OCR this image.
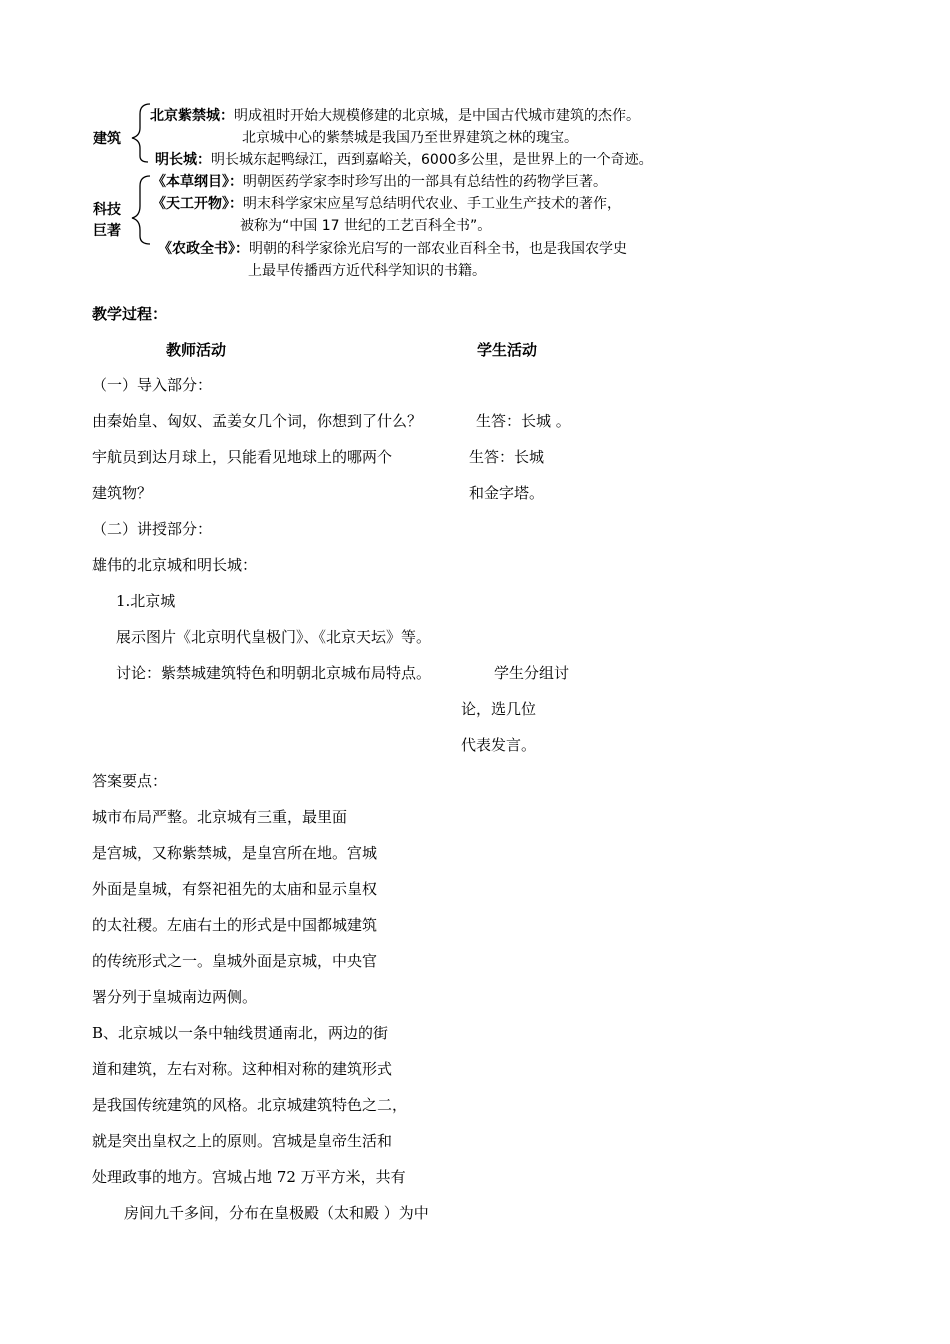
建筑
北京紫禁城：明成祖时开始大规模修建的北京城，是中国古代城市建筑的杰作。
北京城中心的紫禁城是我国乃至世界建筑之林的瑰宝。
明长城：明长城东起鸭绿江，西到嘉峪关，6000多公里，是世界上的一个奇迹。
科技
巨著
《本草纲目》：明朝医药学家李时珍写出的一部具有总结性的药物学巨著。
《天工开物》：明末科学家宋应星写总结明代农业、手工业生产技术的著作，
被称为“中国 17 世纪的工艺百科全书”。
《农政全书》：明朝的科学家徐光启写的一部农业百科全书，也是我国农学史
上最早传播西方近代科学知识的书籍。
教学过程：
教师活动	学生活动
（一）导入部分：
由秦始皇、匈奴、孟姜女几个词，你想到了什么？	生答：长城 。
宇航员到达月球上，只能看见地球上的哪两个	生答：长城
建筑物？	和金字塔。
（二）讲授部分：
雄伟的北京城和明长城：
1.北京城
展示图片《北京明代皇极门》、《北京天坛》等。
讨论：紫禁城建筑特色和明朝北京城布局特点。	学生分组讨
论，选几位
代表发言。
答案要点：
城市布局严整。北京城有三重，最里面
是宫城，又称紫禁城，是皇宫所在地。宫城
外面是皇城，有祭祀祖先的太庙和显示皇权
的太社稷。左庙右土的形式是中国都城建筑
的传统形式之一。皇城外面是京城，中央官
署分列于皇城南边两侧。
B、北京城以一条中轴线贯通南北，两边的街
道和建筑，左右对称。这种相对称的建筑形式
是我国传统建筑的风格。北京城建筑特色之二，
就是突出皇权之上的原则。宫城是皇帝生活和
处理政事的地方。宫城占地 72 万平方米，共有
房间九千多间，分布在皇极殿（太和殿 ）为中
